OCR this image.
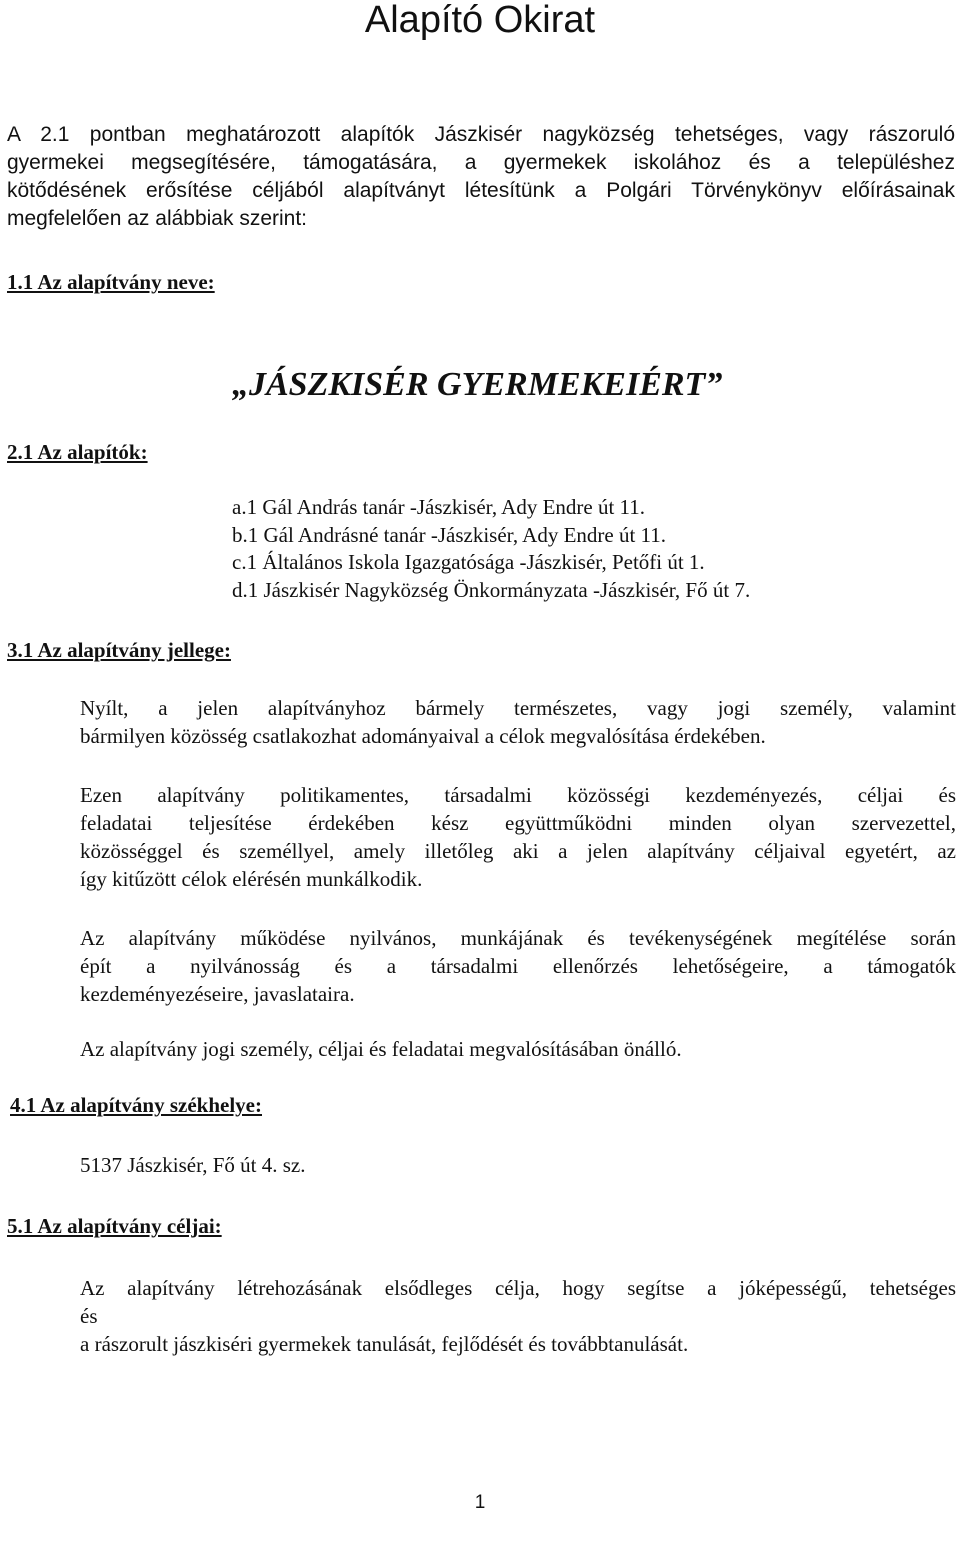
Alapító Okirat
A 2.1 pontban meghatározott alapítók Jászkisér nagyközség tehetséges, vagy rászoruló
gyermekei megsegítésére, támogatására, a gyermekek iskolához és a településhez
kötődésének erősítése céljából alapítványt létesítünk a Polgári Törvénykönyv előírásainak
megfelelően az alábbiak szerint:
1.1 Az alapítvány neve:
„JÁSZKISÉR GYERMEKEIÉRT”
2.1 Az alapítók:
a.1 Gál András tanár -Jászkisér, Ady Endre út 11.
b.1 Gál Andrásné tanár -Jászkisér, Ady Endre út 11.
c.1 Általános Iskola Igazgatósága -Jászkisér, Petőfi út 1.
d.1 Jászkisér Nagyközség Önkormányzata -Jászkisér, Fő út 7.
3.1 Az alapítvány jellege:
Nyílt, a jelen alapítványhoz bármely természetes, vagy jogi személy, valamint
bármilyen közösség csatlakozhat adományaival a célok megvalósítása érdekében.
Ezen alapítvány politikamentes, társadalmi közösségi kezdeményezés, céljai és
feladatai teljesítése érdekében kész együttműködni minden olyan szervezettel,
közösséggel és személlyel, amely illetőleg aki a jelen alapítvány céljaival egyetért, az
így kitűzött célok elérésén munkálkodik.
Az alapítvány működése nyilvános, munkájának és tevékenységének megítélése során
épít a nyilvánosság és a társadalmi ellenőrzés lehetőségeire, a támogatók
kezdeményezéseire, javaslataira.
Az alapítvány jogi személy, céljai és feladatai megvalósításában önálló.
4.1 Az alapítvány székhelye:
5137 Jászkisér, Fő út 4. sz.
5.1 Az alapítvány céljai:
Az alapítvány létrehozásának elsődleges célja, hogy segítse a jóképességű, tehetséges
és
a rászorult jászkiséri gyermekek tanulását, fejlődését és továbbtanulását.
1
